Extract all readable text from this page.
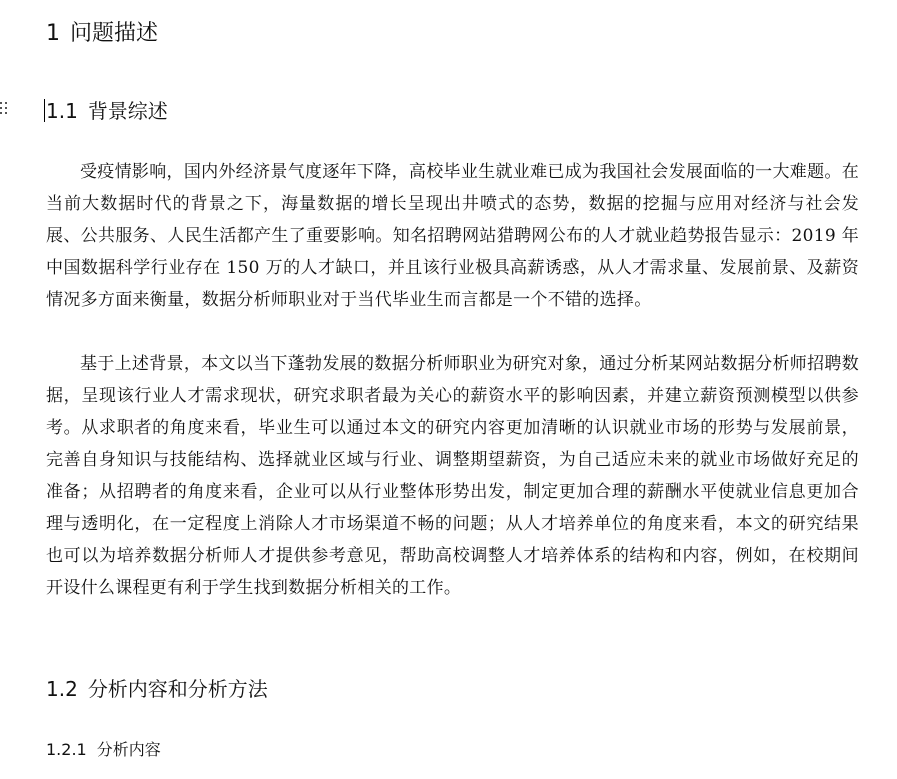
1 问题描述
1.1 背景综述

受疫情影响，国内外经济景气度逐年下降，高校毕业生就业难已成为我国社会发展面临的一大难题。在当前大数据时代的背景之下，海量数据的增长呈现出井喷式的态势，数据的挖掘与应用对经济与社会发展、公共服务、人民生活都产生了重要影响。知名招聘网站猎聘网公布的人才就业趋势报告显示：2019 年中国数据科学行业存在 150 万的人才缺口，并且该行业极具高薪诱惑，从人才需求量、发展前景、及薪资情况多方面来衡量，数据分析师职业对于当代毕业生而言都是一个不错的选择。

基于上述背景，本文以当下蓬勃发展的数据分析师职业为研究对象，通过分析某网站数据分析师招聘数据，呈现该行业人才需求现状，研究求职者最为关心的薪资水平的影响因素，并建立薪资预测模型以供参考。从求职者的角度来看，毕业生可以通过本文的研究内容更加清晰的认识就业市场的形势与发展前景，完善自身知识与技能结构、选择就业区域与行业、调整期望薪资，为自己适应未来的就业市场做好充足的准备；从招聘者的角度来看，企业可以从行业整体形势出发，制定更加合理的薪酬水平使就业信息更加合理与透明化，在一定程度上消除人才市场渠道不畅的问题；从人才培养单位的角度来看，本文的研究结果也可以为培养数据分析师人才提供参考意见，帮助高校调整人才培养体系的结构和内容，例如，在校期间开设什么课程更有利于学生找到数据分析相关的工作。

1.2 分析内容和分析方法
1.2.1 分析内容
